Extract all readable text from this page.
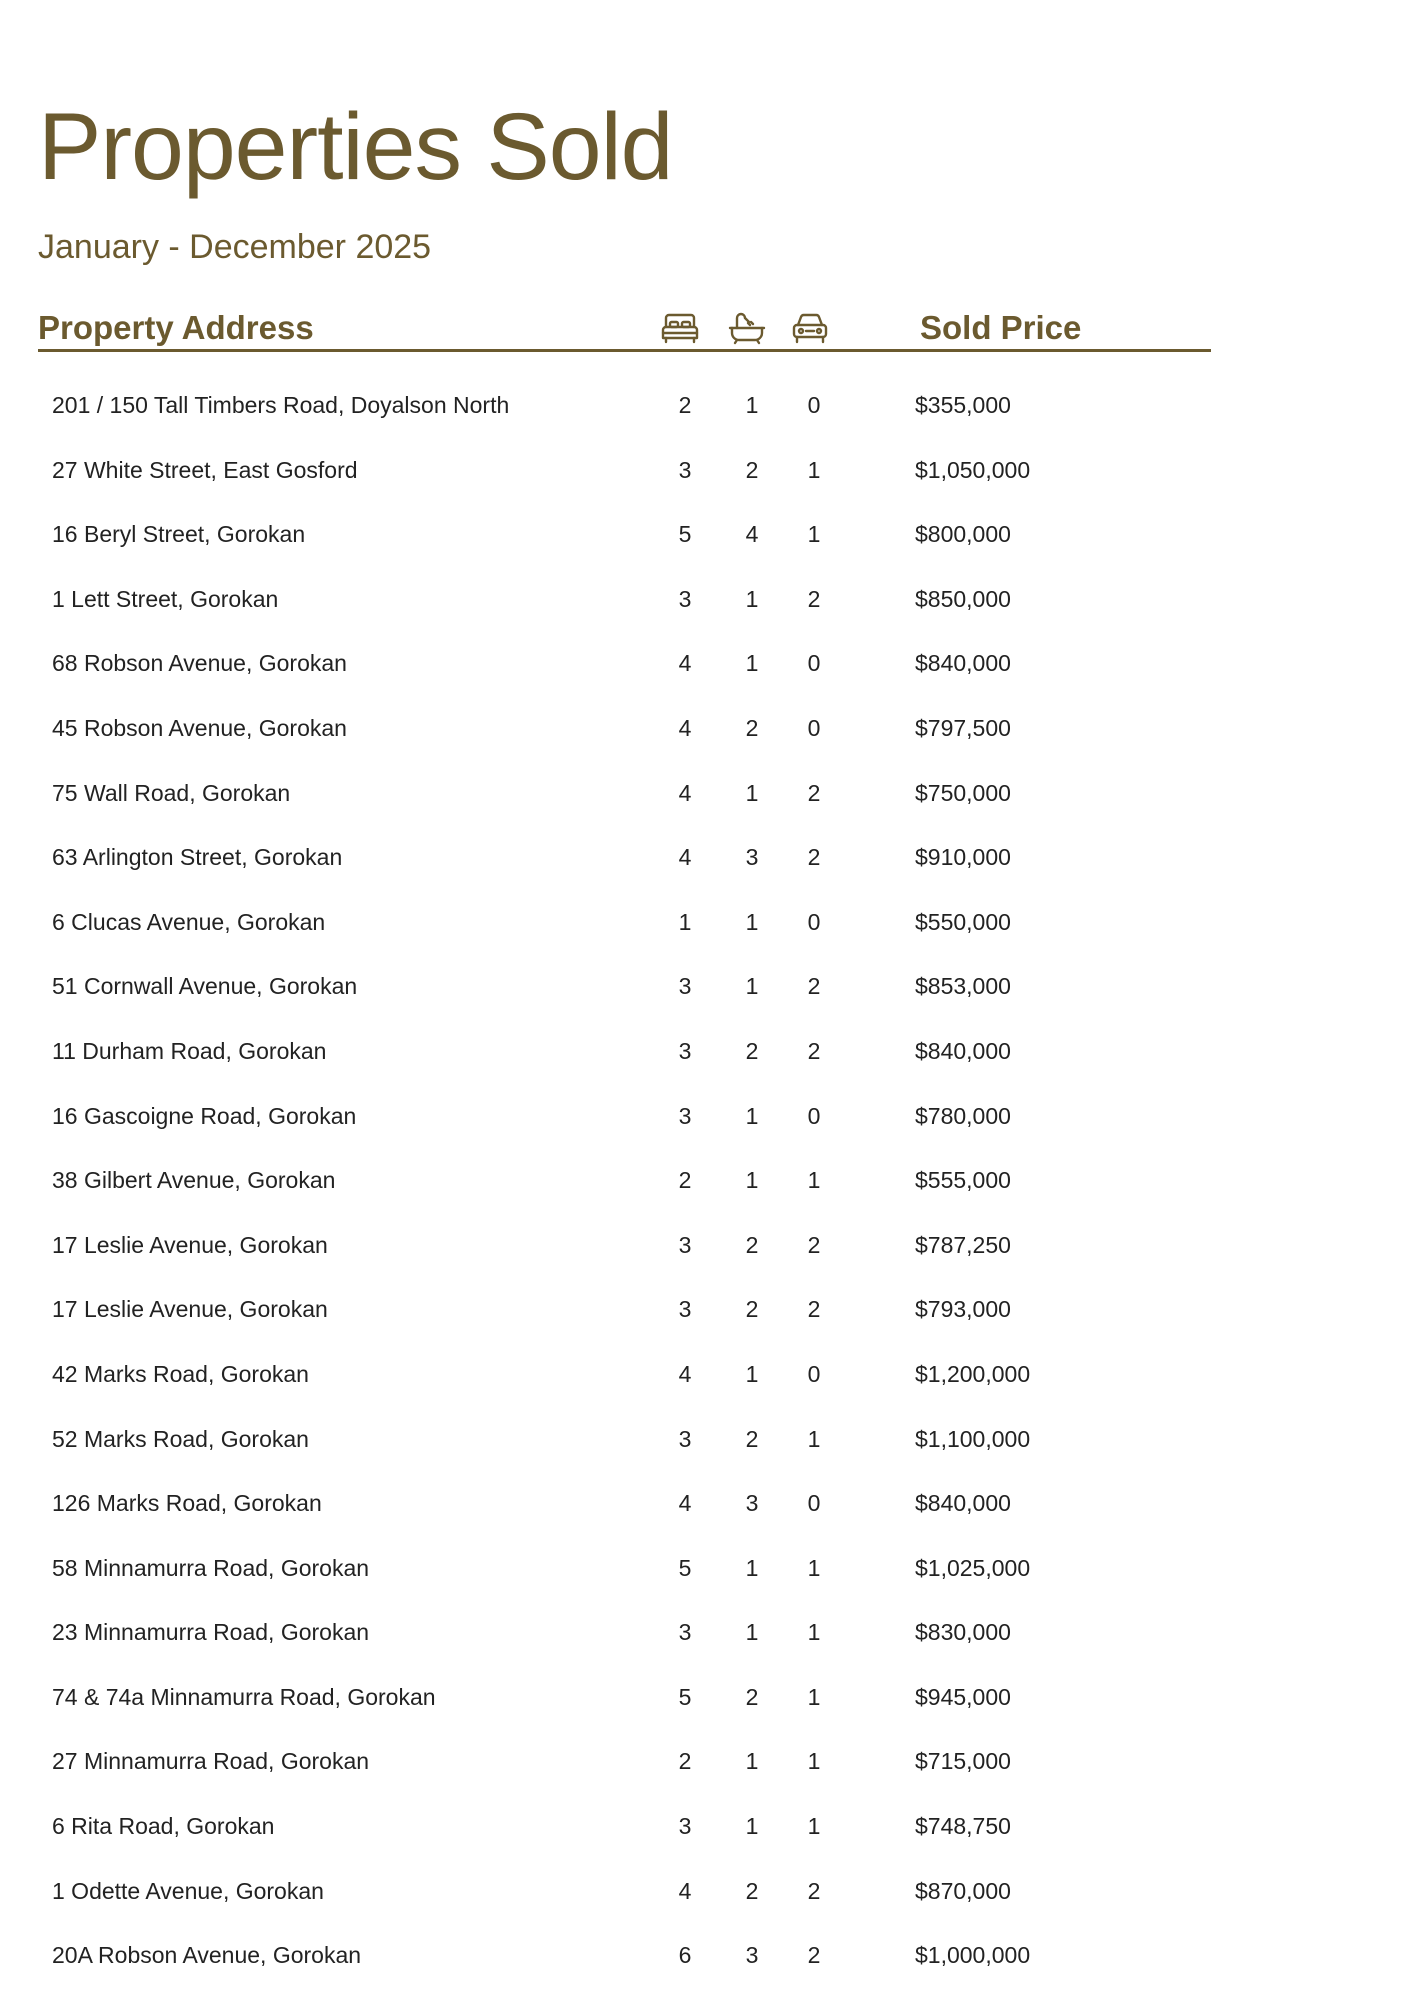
Properties Sold
January - December 2025
Property Address	Sold Price
201 / 150 Tall Timbers Road, Doyalson North	2	1	0	$355,000
27 White Street, East Gosford	3	2	1	$1,050,000
16 Beryl Street, Gorokan	5	4	1	$800,000
1 Lett Street, Gorokan	3	1	2	$850,000
68 Robson Avenue, Gorokan	4	1	0	$840,000
45 Robson Avenue, Gorokan	4	2	0	$797,500
75 Wall Road, Gorokan	4	1	2	$750,000
63 Arlington Street, Gorokan	4	3	2	$910,000
6 Clucas Avenue, Gorokan	1	1	0	$550,000
51 Cornwall Avenue, Gorokan	3	1	2	$853,000
11 Durham Road, Gorokan	3	2	2	$840,000
16 Gascoigne Road, Gorokan	3	1	0	$780,000
38 Gilbert Avenue, Gorokan	2	1	1	$555,000
17 Leslie Avenue, Gorokan	3	2	2	$787,250
17 Leslie Avenue, Gorokan	3	2	2	$793,000
42 Marks Road, Gorokan	4	1	0	$1,200,000
52 Marks Road, Gorokan	3	2	1	$1,100,000
126 Marks Road, Gorokan	4	3	0	$840,000
58 Minnamurra Road, Gorokan	5	1	1	$1,025,000
23 Minnamurra Road, Gorokan	3	1	1	$830,000
74 & 74a Minnamurra Road, Gorokan	5	2	1	$945,000
27 Minnamurra Road, Gorokan	2	1	1	$715,000
6 Rita Road, Gorokan	3	1	1	$748,750
1 Odette Avenue, Gorokan	4	2	2	$870,000
20A Robson Avenue, Gorokan	6	3	2	$1,000,000
